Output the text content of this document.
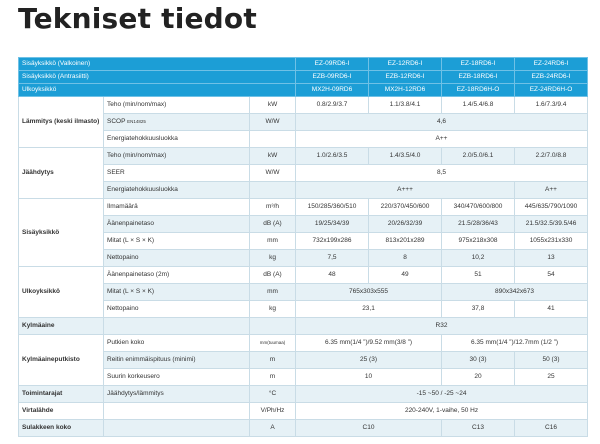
Tekniset tiedot
Sisäyksikkö (Valkoinen)			EZ-09RD6-I	EZ-12RD6-I	EZ-18RD6-I	EZ-24RD6-I
Sisäyksikkö (Antrasiitti)			EZB-09RD6-I	EZB-12RD6-I	EZB-18RD6-I	EZB-24RD6-I
Ulkoyksikkö			MX2H-09RD6	MX2H-12RD6	EZ-18RD6H-O	EZ-24RD6H-O
Lämmitys (keski ilmasto)	Teho (min/nom/max)	kW	0.8/2.9/3.7	1.1/3.8/4.1	1.4/5.4/6.8	1.6/7.3/9.4
	SCOP EN14825	W/W	4,6			
	Energiatehokkuusluokka		A++			
Jäähdytys	Teho (min/nom/max)	kW	1.0/2.6/3.5	1.4/3.5/4.0	2.0/5.0/6.1	2.2/7.0/8.8
	SEER	W/W	8,5			
	Energiatehokkuusluokka		A+++			A++
Sisäyksikkö	Ilmamäärä	m³/h	150/285/360/510	220/370/450/600	340/470/600/800	445/635/790/1090
	Äänenpainetaso	dB (A)	19/25/34/39	20/26/32/39	21.5/28/36/43	21.5/32.5/39.5/46
	Mitat (L × S × K)	mm	732x199x286	813x201x289	975x218x308	1055x231x330
	Nettopaino	kg	7,5	8	10,2	13
Ulkoyksikkö	Äänenpainetaso (2m)	dB (A)	48	49	51	54
	Mitat (L × S × K)	mm	765x303x555		890x342x673	
	Nettopaino	kg	23,1		37,8	41
Kylmäaine			R32			
Kylmäaineputkisto	Putkien koko	mm(tuumaa)	6.35 mm(1/4 ”)/9.52 mm(3/8 ”)		6.35 mm(1/4 ”)/12.7mm (1/2 ”)	
	Reitin enimmäispituus (minimi)	m	25 (3)		30 (3)	50 (3)
	Suurin korkeusero	m	10		20	25
Toimintarajat	Jäähdytys/lämmitys	°C	-15 ~50 / -25 ~24			
Virtalähde		V/Ph/Hz	220-240V, 1-vaihe, 50 Hz			
Sulakkeen koko		A	C10		C13	C16
